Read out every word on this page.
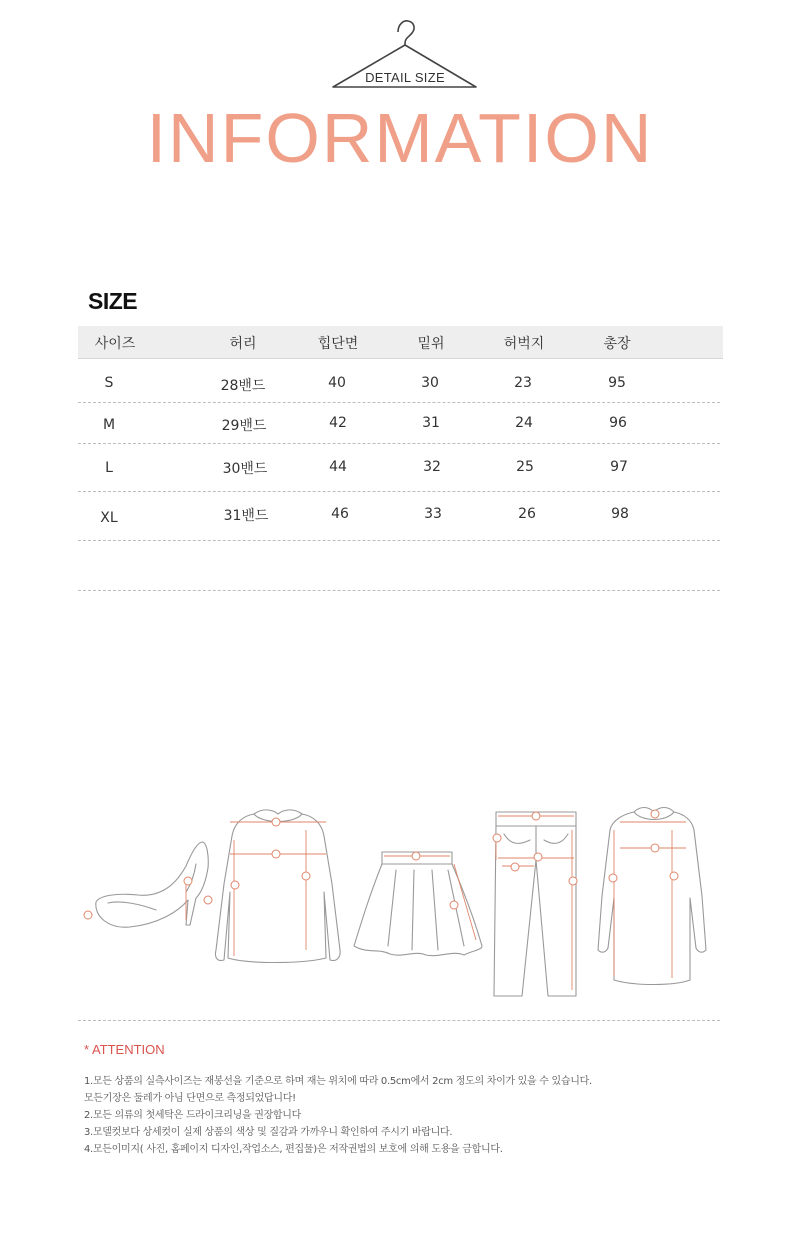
DETAIL SIZE
INFORMATION
SIZE
사이즈	허리	힙단면	밑위	허벅지	총장
S	28밴드	40	30	23	95
M	29밴드	42	31	24	96
L	30밴드	44	32	25	97
XL	31밴드	46	33	26	98
* ATTENTION
1.모든 상품의 실측사이즈는 재봉선을 기준으로 하며 재는 위치에 따라 0.5cm에서 2cm 정도의 차이가 있을 수 있습니다.
모든기장은 둘레가 아님 단면으로 측정되었답니다!
2.모든 의류의 첫세탁은 드라이크리닝을 권장합니다
3.모델컷보다 상세컷이 실제 상품의 색상 및 질감과 가까우니 확인하여 주시기 바랍니다.
4.모든이미지( 사진, 홈페이지 디자인,작업소스, 편집물)은 저작권법의 보호에 의해 도용을 금합니다.
